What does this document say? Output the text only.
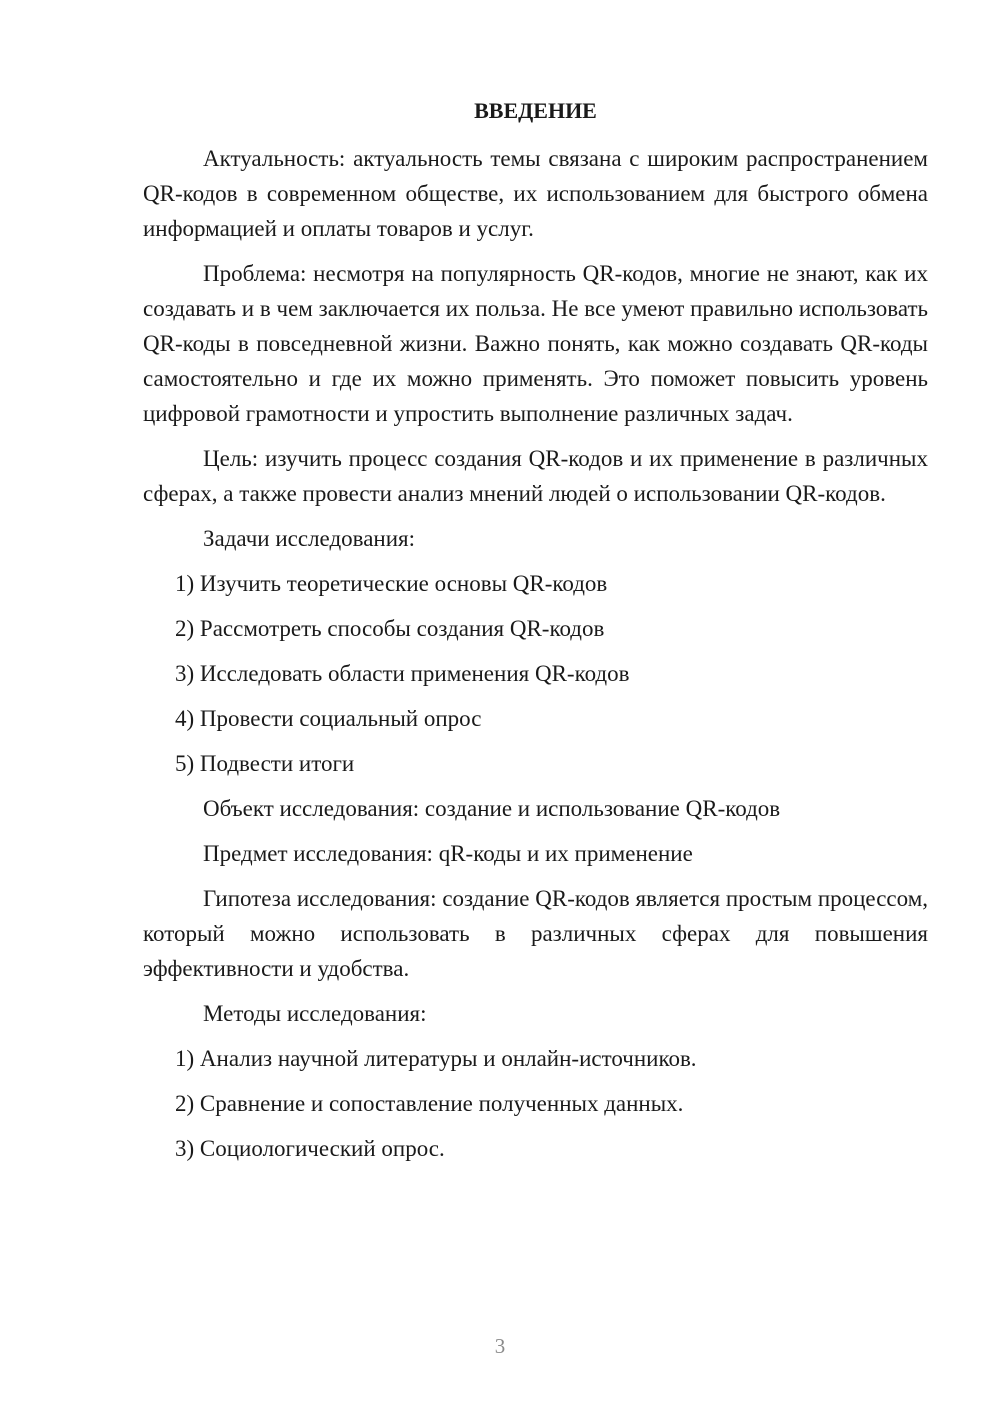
ВВЕДЕНИЕ

Актуальность: актуальность темы связана с широким распространением QR-кодов в современном обществе, их использованием для быстрого обмена информацией и оплаты товаров и услуг.

Проблема: несмотря на популярность QR-кодов, многие не знают, как их создавать и в чем заключается их польза. Не все умеют правильно использовать QR-коды в повседневной жизни. Важно понять, как можно создавать QR-коды самостоятельно и где их можно применять. Это поможет повысить уровень цифровой грамотности и упростить выполнение различных задач.

Цель: изучить процесс создания QR-кодов и их применение в различных сферах, а также провести анализ мнений людей о использовании QR-кодов.

Задачи исследования:

1) Изучить теоретические основы QR-кодов
2) Рассмотреть способы создания QR-кодов
3) Исследовать области применения QR-кодов
4) Провести социальный опрос
5) Подвести итоги

Объект исследования: создание и использование QR-кодов

Предмет исследования: qR-коды и их применение

Гипотеза исследования: создание QR-кодов является простым процессом, который можно использовать в различных сферах для повышения эффективности и удобства.

Методы исследования:

1) Анализ научной литературы и онлайн-источников.
2) Сравнение и сопоставление полученных данных.
3) Социологический опрос.
3
